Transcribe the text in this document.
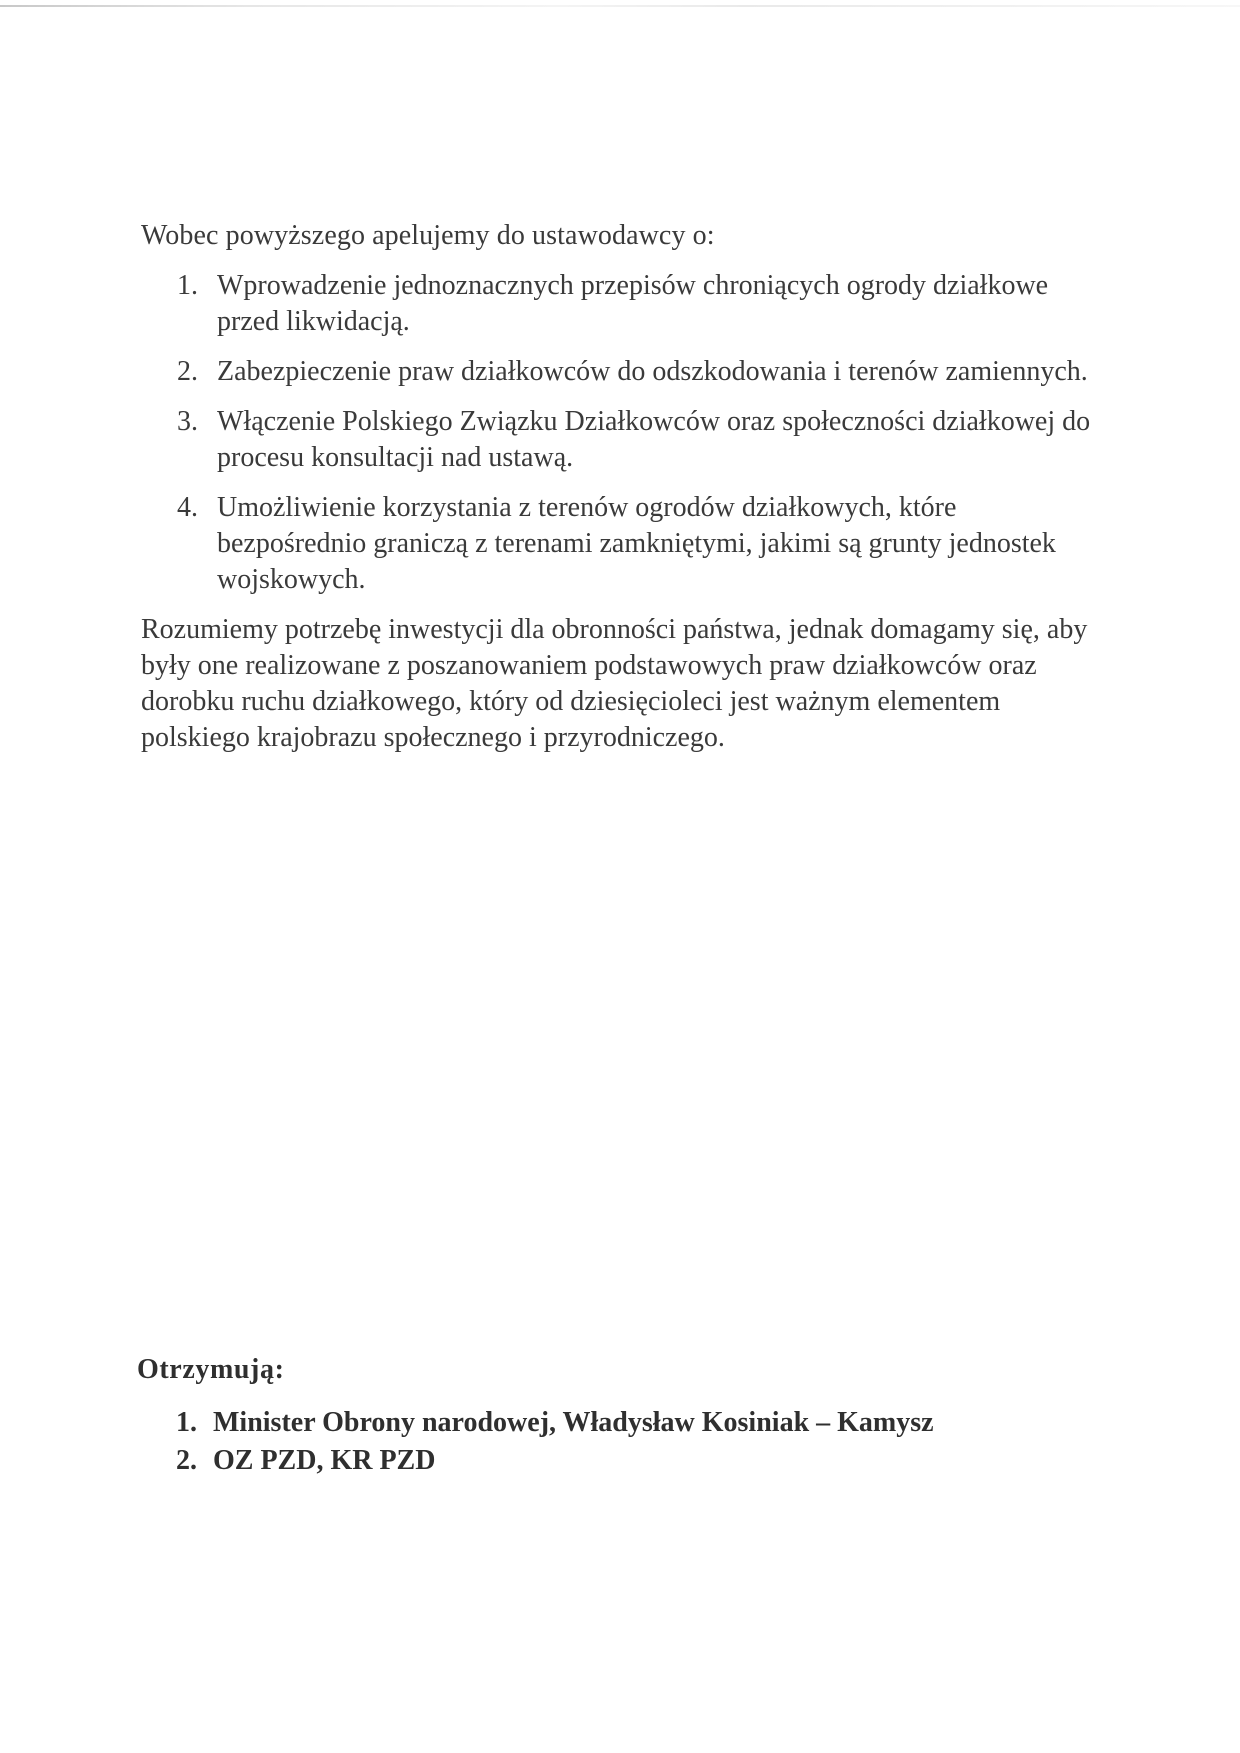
Wobec powyższego apelujemy do ustawodawcy o:

1. Wprowadzenie jednoznacznych przepisów chroniących ogrody działkowe przed likwidacją.
2. Zabezpieczenie praw działkowców do odszkodowania i terenów zamiennych.
3. Włączenie Polskiego Związku Działkowców oraz społeczności działkowej do procesu konsultacji nad ustawą.
4. Umożliwienie korzystania z terenów ogrodów działkowych, które bezpośrednio graniczą z terenami zamkniętymi, jakimi są grunty jednostek wojskowych.

Rozumiemy potrzebę inwestycji dla obronności państwa, jednak domagamy się, aby były one realizowane z poszanowaniem podstawowych praw działkowców oraz dorobku ruchu działkowego, który od dziesięcioleci jest ważnym elementem polskiego krajobrazu społecznego i przyrodniczego.

Otrzymują:

1. Minister Obrony narodowej, Władysław Kosiniak – Kamysz
2. OZ PZD, KR PZD
